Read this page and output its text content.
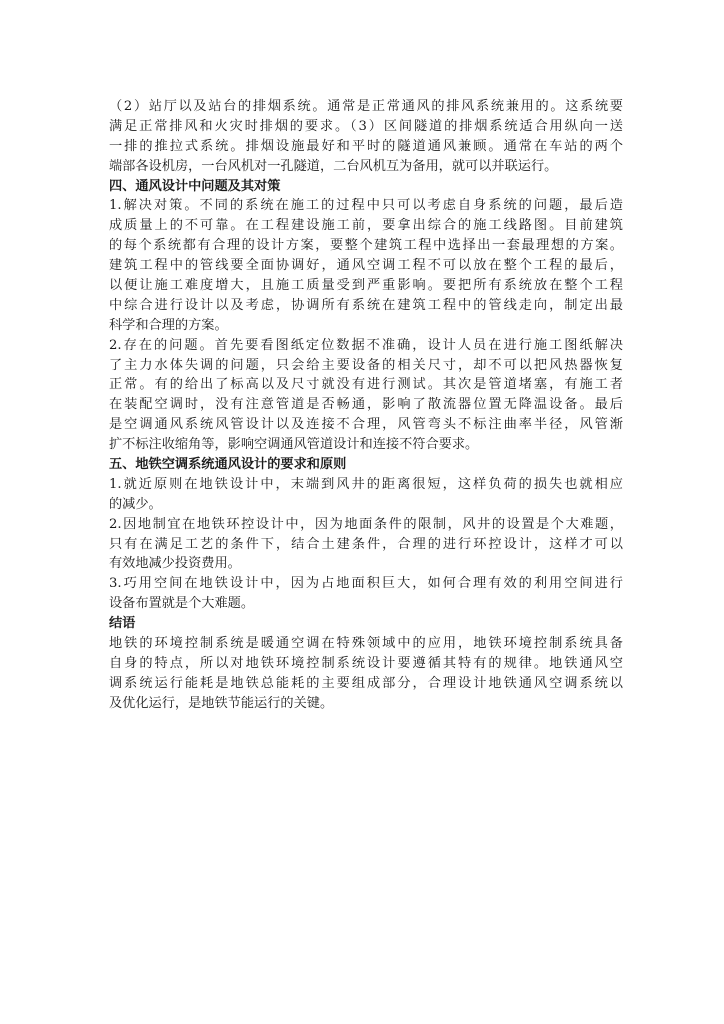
（2）站厅以及站台的排烟系统。通常是正常通风的排风系统兼用的。这系统要
满足正常排风和火灾时排烟的要求。（3）区间隧道的排烟系统适合用纵向一送
一排的推拉式系统。排烟设施最好和平时的隧道通风兼顾。通常在车站的两个
端部各设机房，一台风机对一孔隧道，二台风机互为备用，就可以并联运行。
四、通风设计中问题及其对策
1.解决对策。不同的系统在施工的过程中只可以考虑自身系统的问题，最后造
成质量上的不可靠。在工程建设施工前，要拿出综合的施工线路图。目前建筑
的每个系统都有合理的设计方案，要整个建筑工程中选择出一套最理想的方案。
建筑工程中的管线要全面协调好，通风空调工程不可以放在整个工程的最后，
以便让施工难度增大，且施工质量受到严重影响。要把所有系统放在整个工程
中综合进行设计以及考虑，协调所有系统在建筑工程中的管线走向，制定出最
科学和合理的方案。
2.存在的问题。首先要看图纸定位数据不准确，设计人员在进行施工图纸解决
了主力水体失调的问题，只会给主要设备的相关尺寸，却不可以把风热器恢复
正常。有的给出了标高以及尺寸就没有进行测试。其次是管道堵塞，有施工者
在装配空调时，没有注意管道是否畅通，影响了散流器位置无降温设备。最后
是空调通风系统风管设计以及连接不合理，风管弯头不标注曲率半径，风管渐
扩不标注收缩角等，影响空调通风管道设计和连接不符合要求。
五、地铁空调系统通风设计的要求和原则
1.就近原则在地铁设计中，末端到风井的距离很短，这样负荷的损失也就相应
的减少。
2.因地制宜在地铁环控设计中，因为地面条件的限制，风井的设置是个大难题，
只有在满足工艺的条件下，结合土建条件，合理的进行环控设计，这样才可以
有效地减少投资费用。
3.巧用空间在地铁设计中，因为占地面积巨大，如何合理有效的利用空间进行
设备布置就是个大难题。
结语
地铁的环境控制系统是暖通空调在特殊领域中的应用，地铁环境控制系统具备
自身的特点，所以对地铁环境控制系统设计要遵循其特有的规律。地铁通风空
调系统运行能耗是地铁总能耗的主要组成部分，合理设计地铁通风空调系统以
及优化运行，是地铁节能运行的关键。
